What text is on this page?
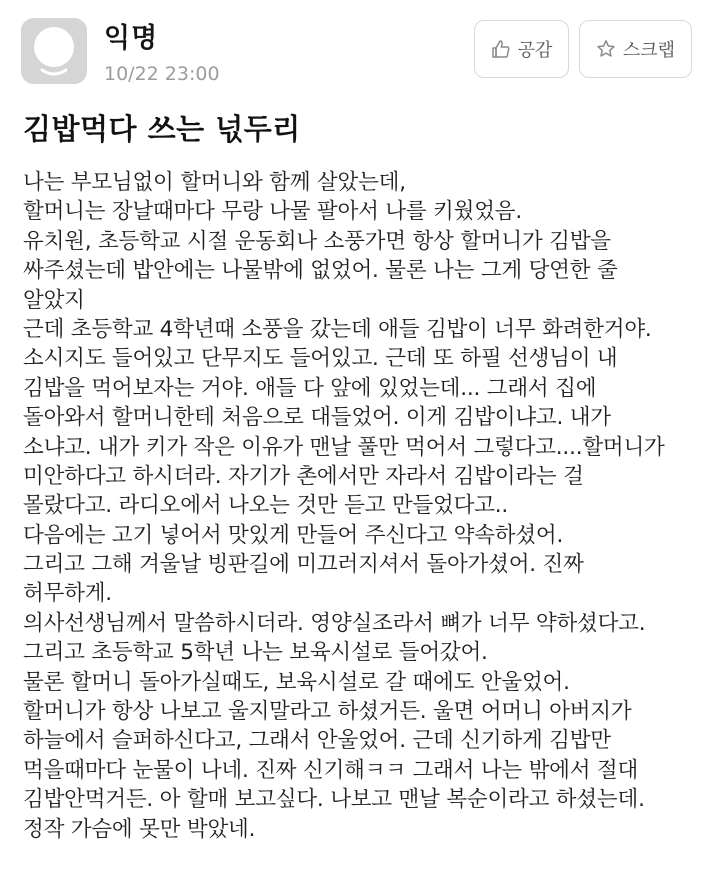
익명
10/22 23:00
공감	스크랩
김밥먹다 쓰는 넋두리
나는 부모님없이 할머니와 함께 살았는데,
할머니는 장날때마다 무랑 나물 팔아서 나를 키웠었음.
유치원, 초등학교 시절 운동회나 소풍가면 항상 할머니가 김밥을
싸주셨는데 밥안에는 나물밖에 없었어. 물론 나는 그게 당연한 줄
알았지
근데 초등학교 4학년때 소풍을 갔는데 애들 김밥이 너무 화려한거야.
소시지도 들어있고 단무지도 들어있고. 근데 또 하필 선생님이 내
김밥을 먹어보자는 거야. 애들 다 앞에 있었는데... 그래서 집에
돌아와서 할머니한테 처음으로 대들었어. 이게 김밥이냐고. 내가
소냐고. 내가 키가 작은 이유가 맨날 풀만 먹어서 그렇다고....할머니가
미안하다고 하시더라. 자기가 촌에서만 자라서 김밥이라는 걸
몰랐다고. 라디오에서 나오는 것만 듣고 만들었다고..
다음에는 고기 넣어서 맛있게 만들어 주신다고 약속하셨어.
그리고 그해 겨울날 빙판길에 미끄러지셔서 돌아가셨어. 진짜
허무하게.
의사선생님께서 말씀하시더라. 영양실조라서 뼈가 너무 약하셨다고.
그리고 초등학교 5학년 나는 보육시설로 들어갔어.
물론 할머니 돌아가실때도, 보육시설로 갈 때에도 안울었어.
할머니가 항상 나보고 울지말라고 하셨거든. 울면 어머니 아버지가
하늘에서 슬퍼하신다고, 그래서 안울었어. 근데 신기하게 김밥만
먹을때마다 눈물이 나네. 진짜 신기해ㅋㅋ 그래서 나는 밖에서 절대
김밥안먹거든. 아 할매 보고싶다. 나보고 맨날 복순이라고 하셨는데.
정작 가슴에 못만 박았네.
